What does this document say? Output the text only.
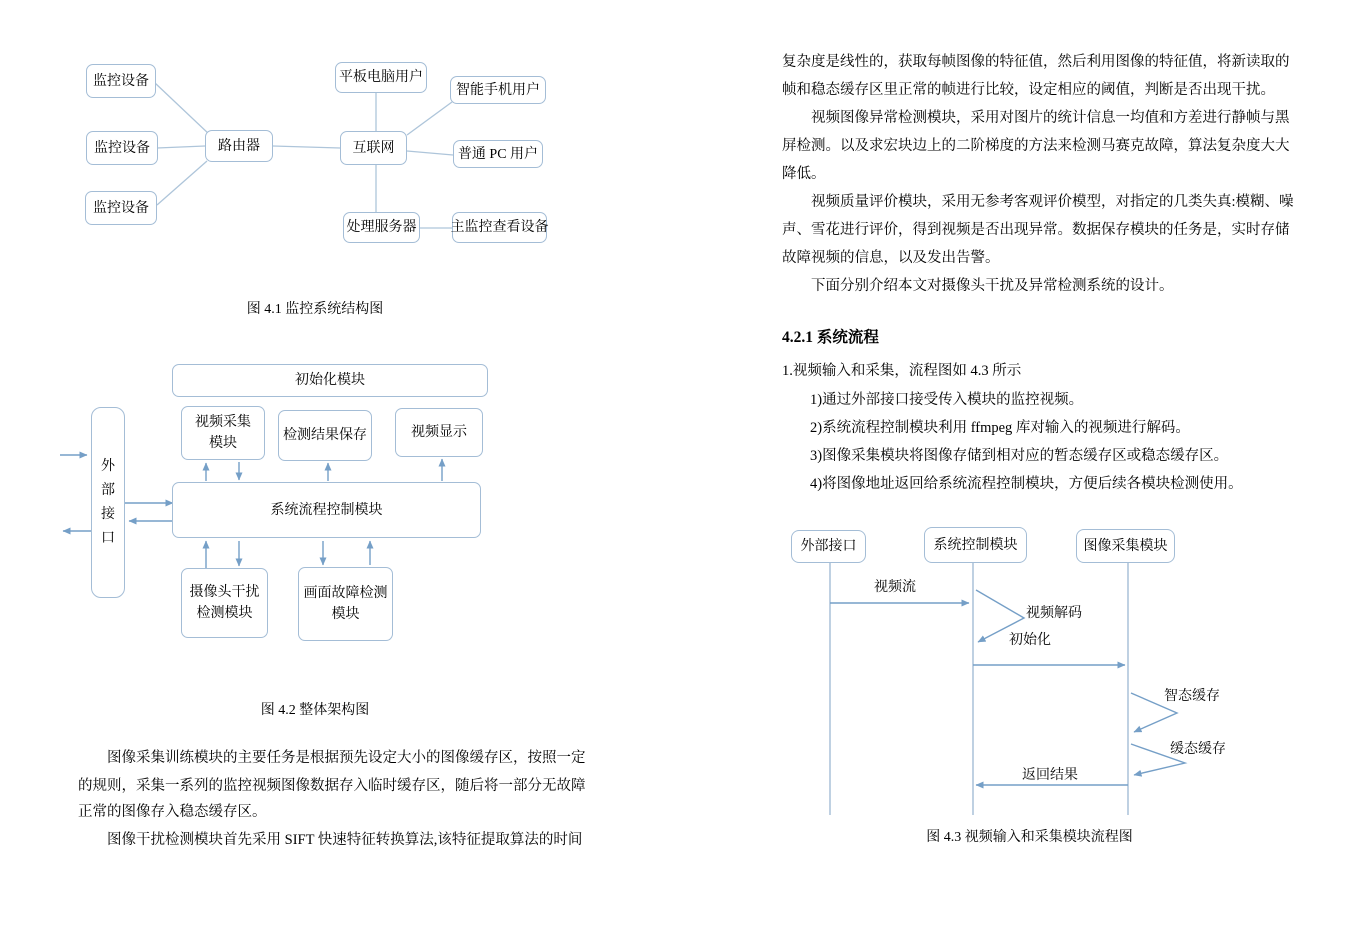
监控设备
监控设备
监控设备
路由器
平板电脑用户
互联网
智能手机用户
普通 PC 用户
处理服务器 主监控查看设备
图 4.1 监控系统结构图
初始化模块
视频采集
模块
检测结果保存	视频显示
外部接口
系统流程控制模块
摄像头干扰
检测模块
画面故障检测
模块
图 4.2 整体架构图
图像采集训练模块的主要任务是根据预先设定大小的图像缓存区，按照一定
的规则，采集一系列的监控视频图像数据存入临时缓存区，随后将一部分无故障
正常的图像存入稳态缓存区。
图像干扰检测模块首先采用 SIFT 快速特征转换算法,该特征提取算法的时间
复杂度是线性的，获取每帧图像的特征值，然后利用图像的特征值，将新读取的
帧和稳态缓存区里正常的帧进行比较，设定相应的阈值，判断是否出现干扰。
视频图像异常检测模块，采用对图片的统计信息一均值和方差进行静帧与黑
屏检测。以及求宏块边上的二阶梯度的方法来检测马赛克故障，算法复杂度大大
降低。
视频质量评价模块，采用无参考客观评价模型，对指定的几类失真:模糊、噪
声、雪花进行评价，得到视频是否出现异常。数据保存模块的任务是，实时存储
故障视频的信息，以及发出告警。
下面分别介绍本文对摄像头干扰及异常检测系统的设计。
4.2.1 系统流程
1.视频输入和采集，流程图如 4.3 所示
1)通过外部接口接受传入模块的监控视频。
2)系统流程控制模块利用 ffmpeg 库对输入的视频进行解码。
3)图像采集模块将图像存储到相对应的暂态缓存区或稳态缓存区。
4)将图像地址返回给系统流程控制模块，方便后续各模块检测使用。
外部接口	系统控制模块	图像采集模块
视频流
视频解码
初始化
智态缓存
缓态缓存
返回结果
图 4.3 视频输入和采集模块流程图
